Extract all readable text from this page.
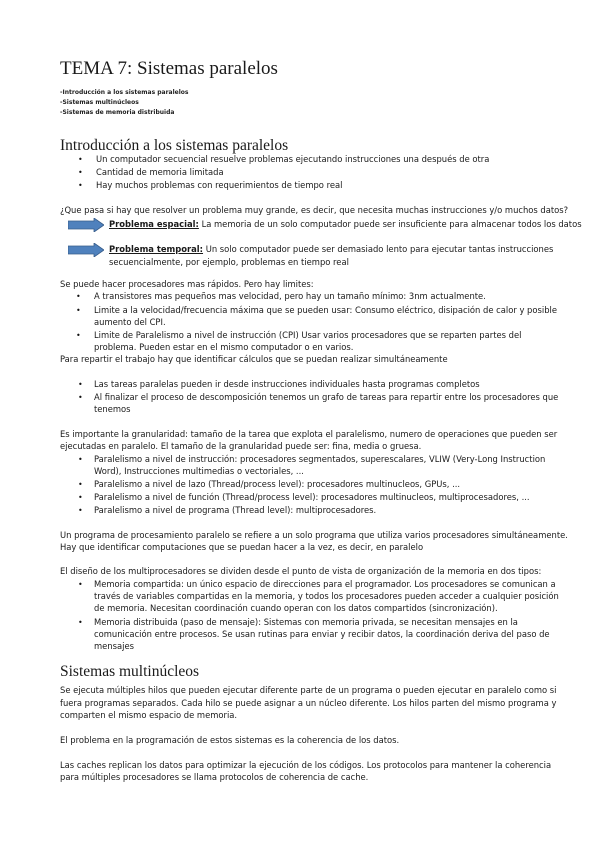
TEMA 7: Sistemas paralelos
-Introducción a los sistemas paralelos
-Sistemas multinúcleos
-Sistemas de memoria distribuida
Introducción a los sistemas paralelos
• Un computador secuencial resuelve problemas ejecutando instrucciones una después de otra
• Cantidad de memoria limitada
• Hay muchos problemas con requerimientos de tiempo real
¿Que pasa si hay que resolver un problema muy grande, es decir, que necesita muchas instrucciones y/o muchos datos?
Problema espacial: La memoria de un solo computador puede ser insuficiente para almacenar todos los datos
Problema temporal: Un solo computador puede ser demasiado lento para ejecutar tantas instrucciones
secuencialmente, por ejemplo, problemas en tiempo real
Se puede hacer procesadores mas rápidos. Pero hay limites:
• A transistores mas pequeños mas velocidad, pero hay un tamaño mínimo: 3nm actualmente.
• Limite a la velocidad/frecuencia máxima que se pueden usar: Consumo eléctrico, disipación de calor y posible
aumento del CPI.
• Limite de Paralelismo a nivel de instrucción (CPI) Usar varios procesadores que se reparten partes del
problema. Pueden estar en el mismo computador o en varios.
Para repartir el trabajo hay que identificar cálculos que se puedan realizar simultáneamente
• Las tareas paralelas pueden ir desde instrucciones individuales hasta programas completos
• Al finalizar el proceso de descomposición tenemos un grafo de tareas para repartir entre los procesadores que
tenemos
Es importante la granularidad: tamaño de la tarea que explota el paralelismo, numero de operaciones que pueden ser
ejecutadas en paralelo. El tamaño de la granularidad puede ser: fina, media o gruesa.
• Paralelismo a nivel de instrucción: procesadores segmentados, superescalares, VLIW (Very-Long Instruction
Word), Instrucciones multimedias o vectoriales, ...
• Paralelismo a nivel de lazo (Thread/process level): procesadores multinucleos, GPUs, ...
• Paralelismo a nivel de función (Thread/process level): procesadores multinucleos, multiprocesadores, ...
• Paralelismo a nivel de programa (Thread level): multiprocesadores.
Un programa de procesamiento paralelo se refiere a un solo programa que utiliza varios procesadores simultáneamente.
Hay que identificar computaciones que se puedan hacer a la vez, es decir, en paralelo
El diseño de los multiprocesadores se dividen desde el punto de vista de organización de la memoria en dos tipos:
• Memoria compartida: un único espacio de direcciones para el programador. Los procesadores se comunican a
través de variables compartidas en la memoria, y todos los procesadores pueden acceder a cualquier posición
de memoria. Necesitan coordinación cuando operan con los datos compartidos (sincronización).
• Memoria distribuida (paso de mensaje): Sistemas con memoria privada, se necesitan mensajes en la
comunicación entre procesos. Se usan rutinas para enviar y recibir datos, la coordinación deriva del paso de
mensajes
Sistemas multinúcleos
Se ejecuta múltiples hilos que pueden ejecutar diferente parte de un programa o pueden ejecutar en paralelo como si
fuera programas separados. Cada hilo se puede asignar a un núcleo diferente. Los hilos parten del mismo programa y
comparten el mismo espacio de memoria.
El problema en la programación de estos sistemas es la coherencia de los datos.
Las caches replican los datos para optimizar la ejecución de los códigos. Los protocolos para mantener la coherencia
para múltiples procesadores se llama protocolos de coherencia de cache.
